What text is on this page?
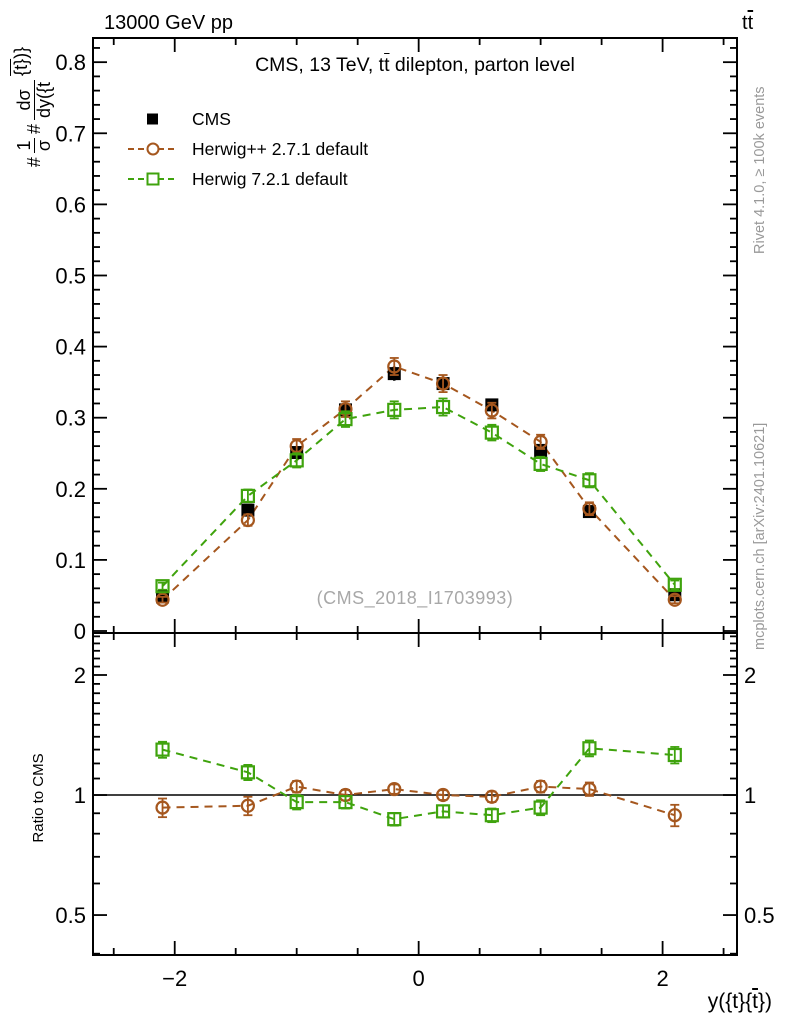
0
0.1
0.2
0.3
0.4
0.5
0.6
0.7
0.8
−2	0	2
0.5	0.5
1	1
2	2
13000 GeV pp	$t\overline{t}$
CMS, 13 TeV, $t\overline{t}$ dilepton, parton level
CMS
Herwig++ 2.7.1 default
Herwig 7.2.1 default
(CMS_2018_I1703993)
Rivet 4.1.0, ≥ 100k events
mcplots.cern.ch [arXiv:2401.10621]
Ratio to CMS
#
1 σ
#
dσ dy({t
{t})}
$y(\{t\}\{\overline{t}\})$
